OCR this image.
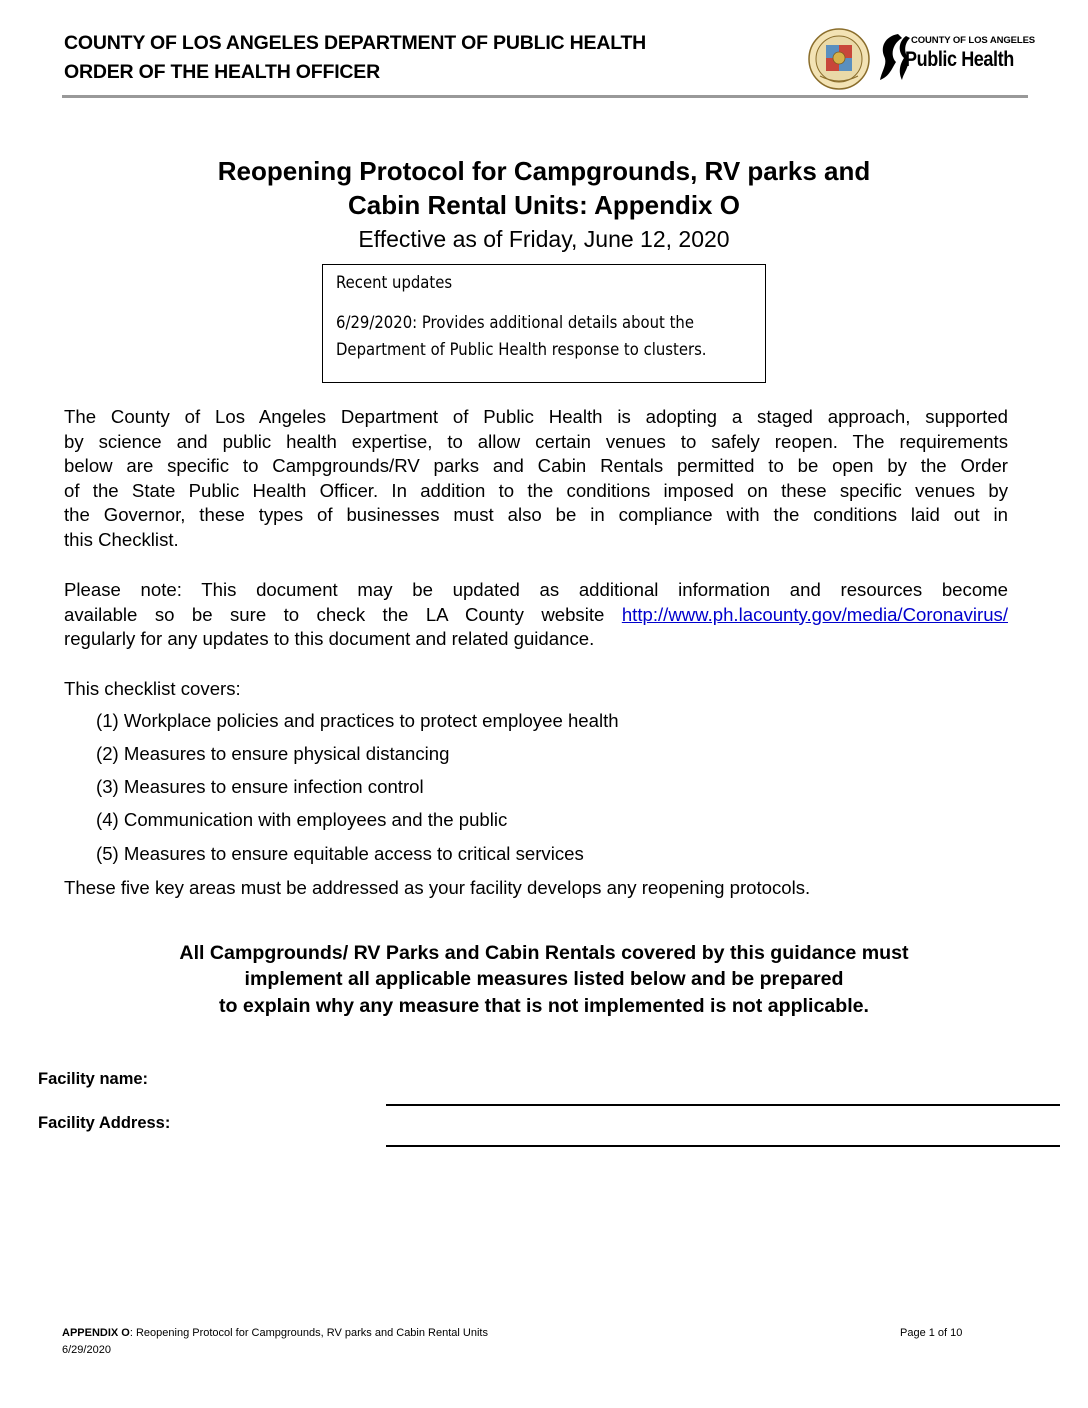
COUNTY OF LOS ANGELES DEPARTMENT OF PUBLIC HEALTH
ORDER OF THE HEALTH OFFICER
COUNTY OF LOS ANGELES
Public Health
Reopening Protocol for Campgrounds, RV parks and
Cabin Rental Units: Appendix O
Effective as of Friday, June 12, 2020
Recent updates
6/29/2020: Provides additional details about the
Department of Public Health response to clusters.
The County of Los Angeles Department of Public Health is adopting a staged approach, supported
by science and public health expertise, to allow certain venues to safely reopen. The requirements
below are specific to Campgrounds/RV parks and Cabin Rentals permitted to be open by the Order
of the State Public Health Officer. In addition to the conditions imposed on these specific venues by
the Governor, these types of businesses must also be in compliance with the conditions laid out in
this Checklist.
Please note: This document may be updated as additional information and resources become
available so be sure to check the LA County website http://www.ph.lacounty.gov/media/Coronavirus/
regularly for any updates to this document and related guidance.
This checklist covers:
(1) Workplace policies and practices to protect employee health
(2) Measures to ensure physical distancing
(3) Measures to ensure infection control
(4) Communication with employees and the public
(5) Measures to ensure equitable access to critical services
These five key areas must be addressed as your facility develops any reopening protocols.
All Campgrounds/ RV Parks and Cabin Rentals covered by this guidance must
implement all applicable measures listed below and be prepared
to explain why any measure that is not implemented is not applicable.
Facility name:
Facility Address:
APPENDIX O: Reopening Protocol for Campgrounds, RV parks and Cabin Rental Units
6/29/2020
Page 1 of 10
